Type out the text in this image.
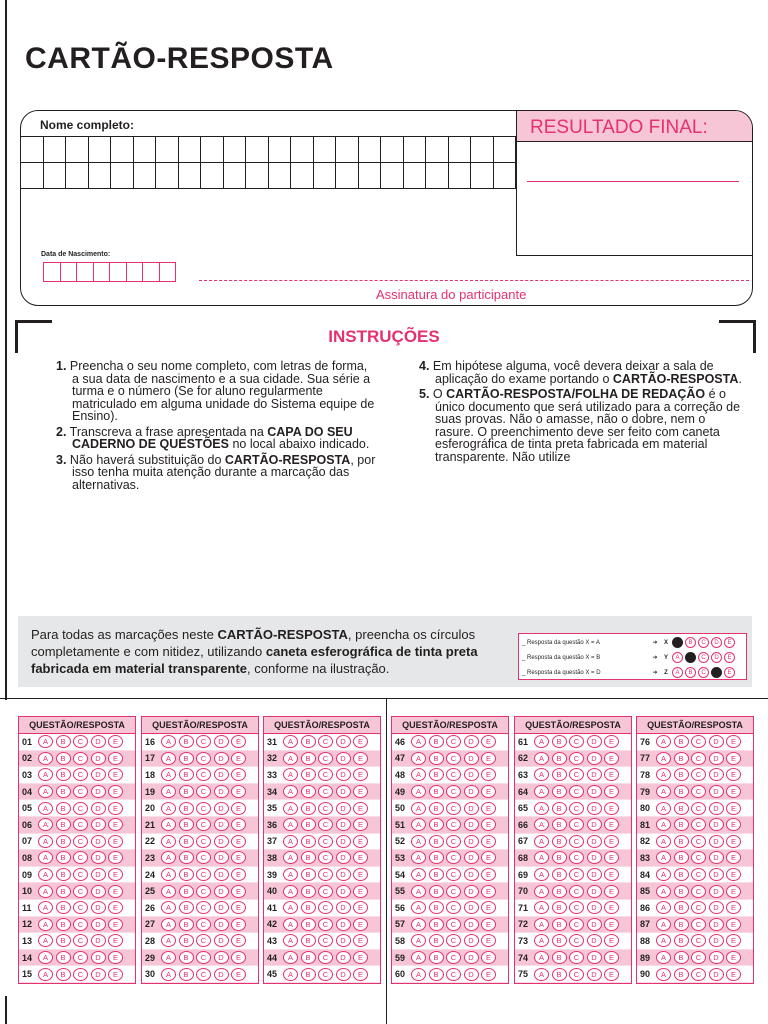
CARTÃO-RESPOSTA
Nome completo:	RESULTADO FINAL:
Data de Nascimento:
Assinatura do participante
INSTRUÇÕES

1. Preencha o seu nome completo, com letras de forma, a sua data de nascimento e a sua cidade. Sua série a turma e o número (Se for aluno regularmente matriculado em alguma unidade do Sistema equipe de Ensino).

2. Transcreva a frase apresentada na CAPA DO SEU CADERNO DE QUESTÕES no local abaixo indicado.

3. Não haverá substituição do CARTÃO-RESPOSTA, por isso tenha muita atenção durante a marcação das alternativas.

4. Em hipótese alguma, você devera deixar a sala de aplicação do exame portando o CARTÃO-RESPOSTA.

5. O CARTÃO-RESPOSTA/FOLHA DE REDAÇÃO é o único documento que será utilizado para a correção de suas provas. Não o amasse, não o dobre, nem o rasure. O preenchimento deve ser feito com caneta esferográfica de tinta preta fabricada em material transparente. Não utilize

Para todas as marcações neste CARTÃO-RESPOSTA, preencha os círculos completamente e com nitidez, utilizando caneta esferográfica de tinta preta fabricada em material transparente, conforme na ilustração.
_ Resposta da questão X = A	➜	X	B	C	D	E
_ Resposta da questão X = B	➜	Y	A	C	D	E
_ Resposta da questão X = D	➜	Z	A	B	C	E
QUESTÃO/RESPOSTA
01	A	B	C	D	E
02	A	B	C	D	E
03	A	B	C	D	E
04	A	B	C	D	E
05	A	B	C	D	E
06	A	B	C	D	E
07	A	B	C	D	E
08	A	B	C	D	E
09	A	B	C	D	E
10	A	B	C	D	E
11	A	B	C	D	E
12	A	B	C	D	E
13	A	B	C	D	E
14	A	B	C	D	E
15	A	B	C	D	E
QUESTÃO/RESPOSTA
16	A	B	C	D	E
17	A	B	C	D	E
18	A	B	C	D	E
19	A	B	C	D	E
20	A	B	C	D	E
21	A	B	C	D	E
22	A	B	C	D	E
23	A	B	C	D	E
24	A	B	C	D	E
25	A	B	C	D	E
26	A	B	C	D	E
27	A	B	C	D	E
28	A	B	C	D	E
29	A	B	C	D	E
30	A	B	C	D	E
QUESTÃO/RESPOSTA
31	A	B	C	D	E
32	A	B	C	D	E
33	A	B	C	D	E
34	A	B	C	D	E
35	A	B	C	D	E
36	A	B	C	D	E
37	A	B	C	D	E
38	A	B	C	D	E
39	A	B	C	D	E
40	A	B	C	D	E
41	A	B	C	D	E
42	A	B	C	D	E
43	A	B	C	D	E
44	A	B	C	D	E
45	A	B	C	D	E
QUESTÃO/RESPOSTA
46	A	B	C	D	E
47	A	B	C	D	E
48	A	B	C	D	E
49	A	B	C	D	E
50	A	B	C	D	E
51	A	B	C	D	E
52	A	B	C	D	E
53	A	B	C	D	E
54	A	B	C	D	E
55	A	B	C	D	E
56	A	B	C	D	E
57	A	B	C	D	E
58	A	B	C	D	E
59	A	B	C	D	E
60	A	B	C	D	E
QUESTÃO/RESPOSTA
61	A	B	C	D	E
62	A	B	C	D	E
63	A	B	C	D	E
64	A	B	C	D	E
65	A	B	C	D	E
66	A	B	C	D	E
67	A	B	C	D	E
68	A	B	C	D	E
69	A	B	C	D	E
70	A	B	C	D	E
71	A	B	C	D	E
72	A	B	C	D	E
73	A	B	C	D	E
74	A	B	C	D	E
75	A	B	C	D	E
QUESTÃO/RESPOSTA
76	A	B	C	D	E
77	A	B	C	D	E
78	A	B	C	D	E
79	A	B	C	D	E
80	A	B	C	D	E
81	A	B	C	D	E
82	A	B	C	D	E
83	A	B	C	D	E
84	A	B	C	D	E
85	A	B	C	D	E
86	A	B	C	D	E
87	A	B	C	D	E
88	A	B	C	D	E
89	A	B	C	D	E
90	A	B	C	D	E
